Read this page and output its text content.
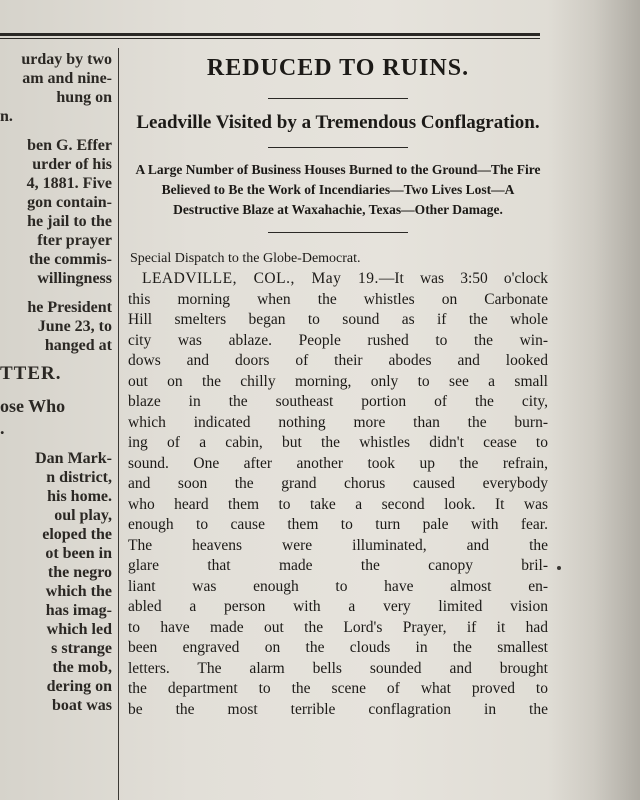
urday by two
am and nine-
hung on
n.
ben G. Effer
urder of his
4, 1881. Five
gon contain-
he jail to the
fter prayer
the commis-
willingness
he President
June 23, to
hanged at
TTER.
ose Who
.
Dan Mark-
n district,
his home.
oul play,
eloped the
ot been in
the negro
which the
has imag-
which led
s strange
the mob,
dering on
boat was
REDUCED TO RUINS.
Leadville Visited by a Tremendous Conflagration.
A Large Number of Business Houses Burned to the Ground—The Fire Believed to Be the Work of Incendiaries—Two Lives Lost—A Destructive Blaze at Waxahachie, Texas—Other Damage.
Special Dispatch to the Globe-Democrat.
LEADVILLE, COL., May 19.—It was 3:50 o'clock
this morning when the whistles on Carbonate
Hill smelters began to sound as if the whole
city was ablaze. People rushed to the win-
dows and doors of their abodes and looked
out on the chilly morning, only to see a small
blaze in the southeast portion of the city,
which indicated nothing more than the burn-
ing of a cabin, but the whistles didn't cease to
sound. One after another took up the refrain,
and soon the grand chorus caused everybody
who heard them to take a second look. It was
enough to cause them to turn pale with fear.
The heavens were illuminated, and the
glare that made the canopy bril-
liant was enough to have almost en-
abled a person with a very limited vision
to have made out the Lord's Prayer, if it had
been engraved on the clouds in the smallest
letters. The alarm bells sounded and brought
the department to the scene of what proved to
be the most terrible conflagration in the
